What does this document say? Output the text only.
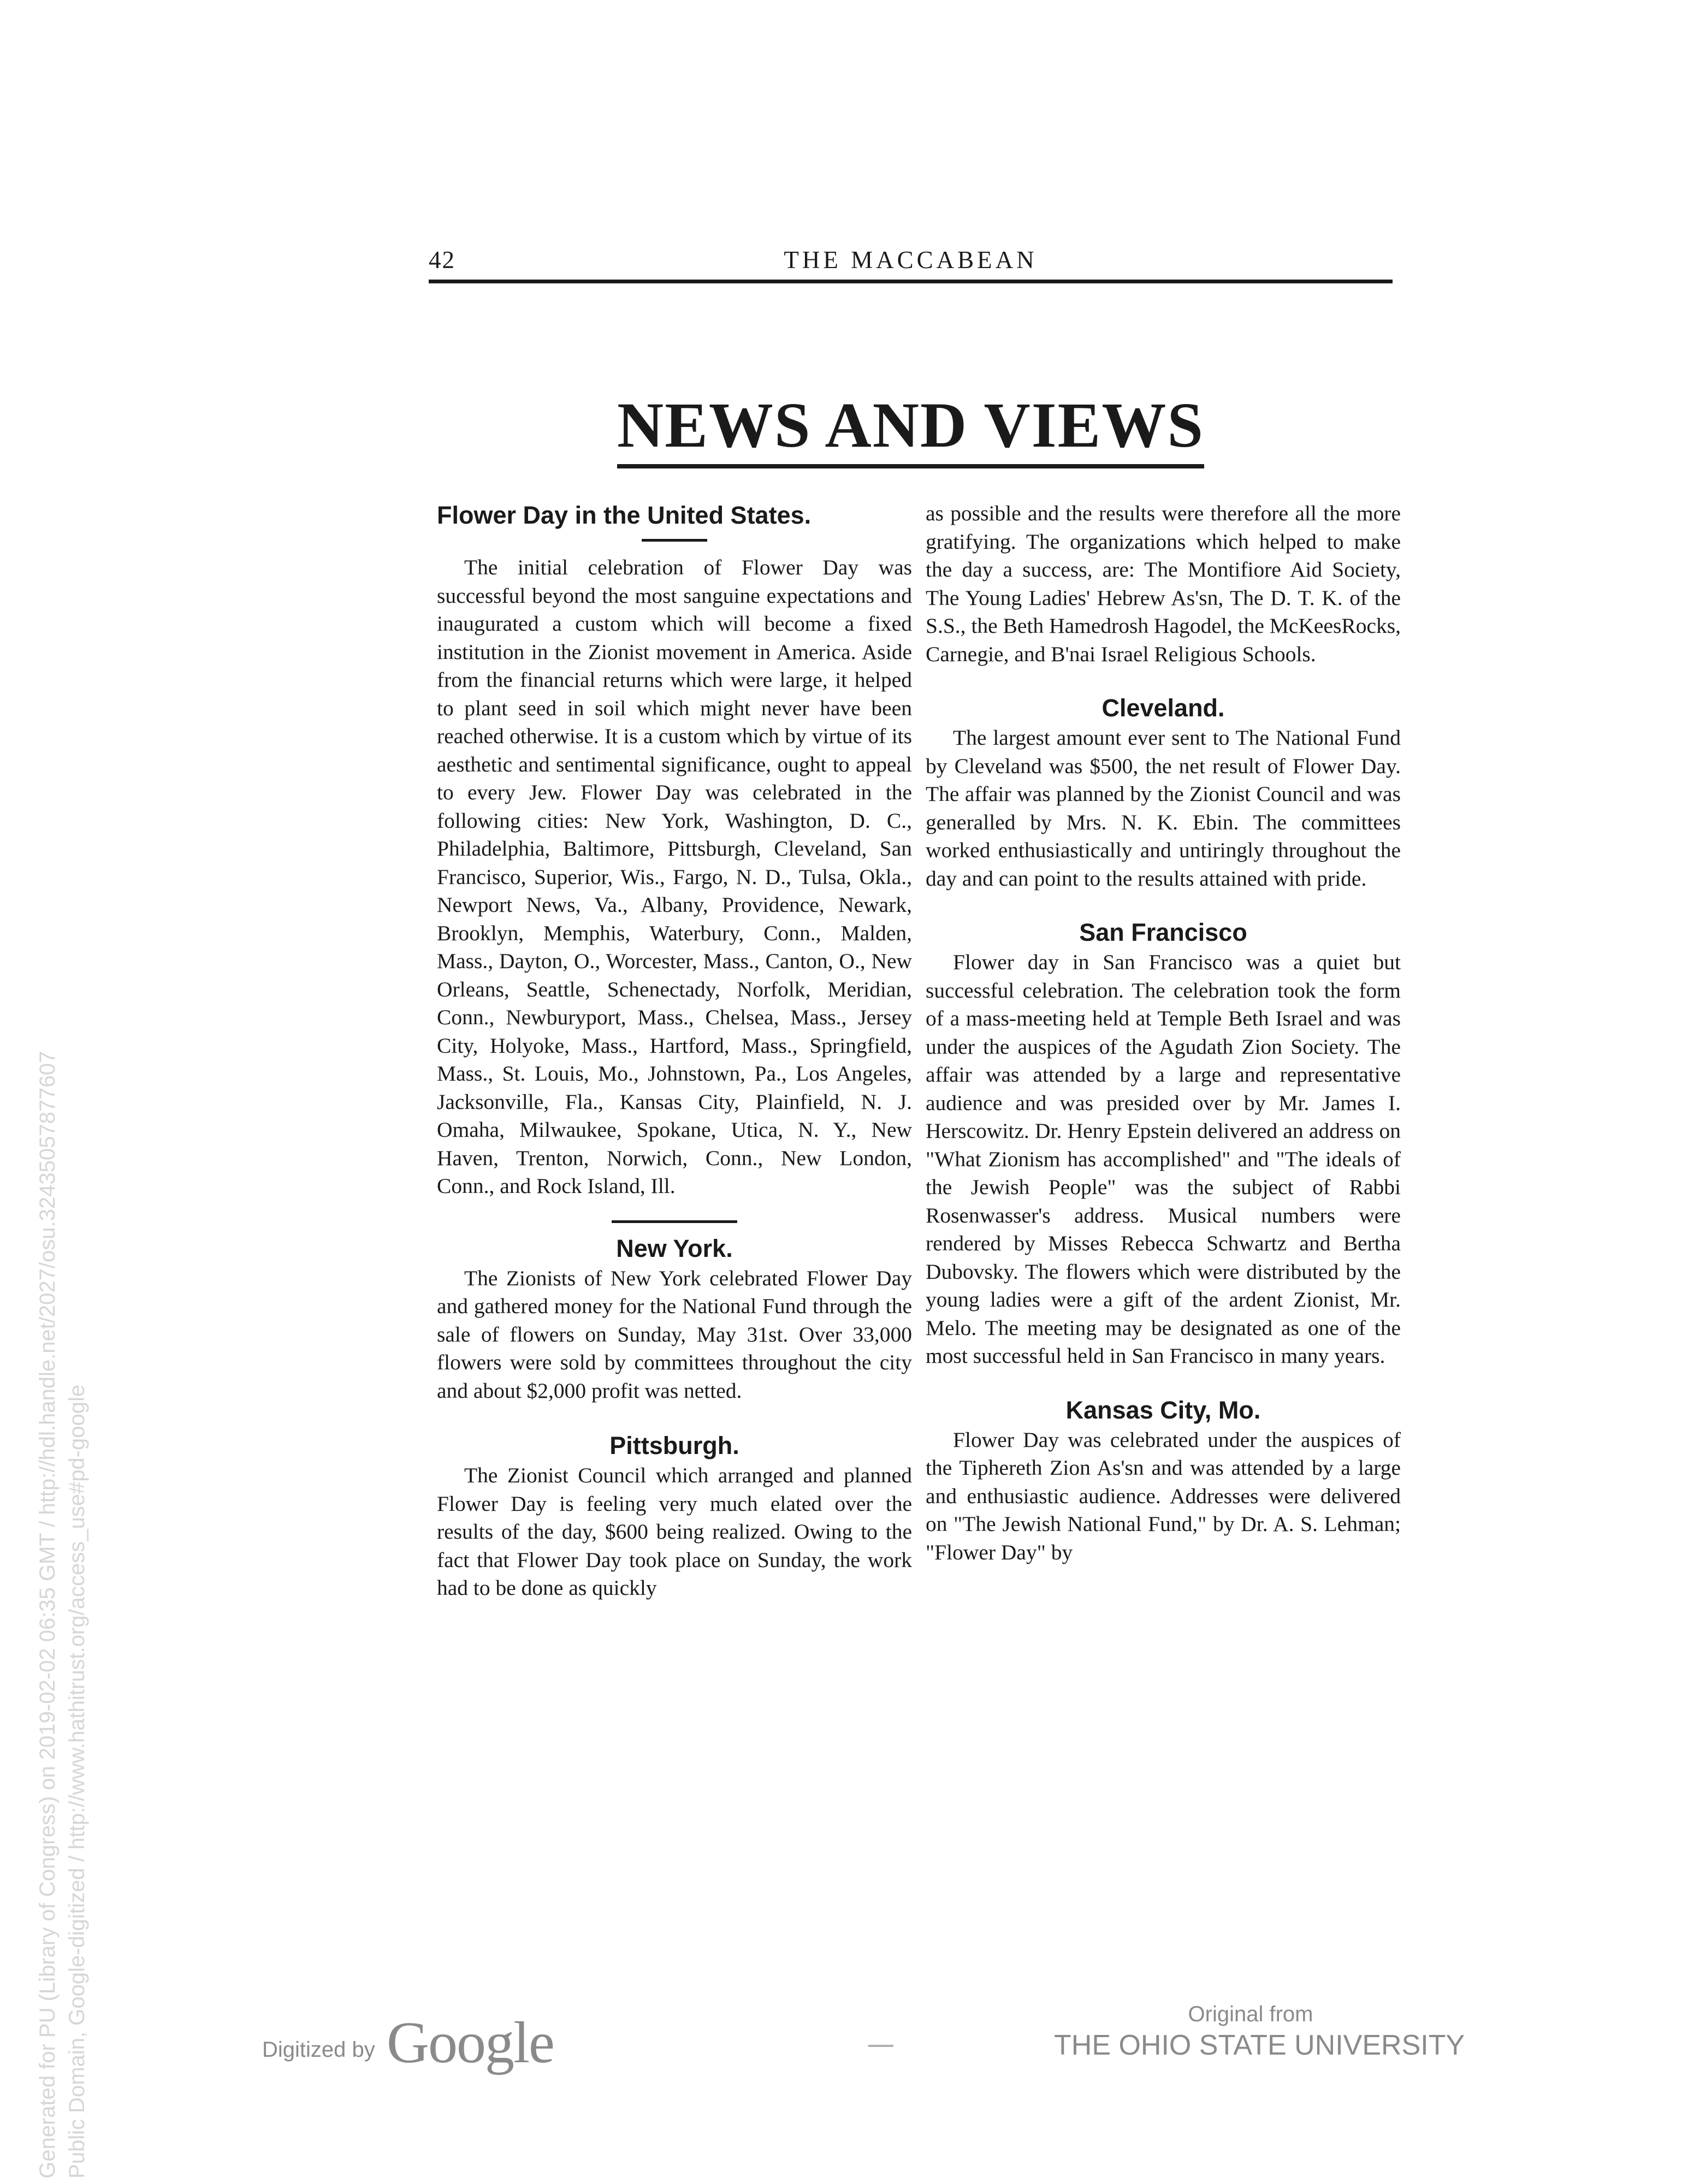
42	THE MACCABEAN
NEWS AND VIEWS
Flower Day in the United States.

The initial celebration of Flower Day was successful beyond the most sanguine expectations and inaugurated a custom which will become a fixed institution in the Zionist movement in America. Aside from the financial returns which were large, it helped to plant seed in soil which might never have been reached otherwise. It is a custom which by virtue of its aesthetic and sentimental significance, ought to appeal to every Jew. Flower Day was celebrated in the following cities: New York, Washington, D. C., Philadelphia, Baltimore, Pittsburgh, Cleveland, San Francisco, Superior, Wis., Fargo, N. D., Tulsa, Okla., Newport News, Va., Albany, Providence, Newark, Brooklyn, Memphis, Waterbury, Conn., Malden, Mass., Dayton, O., Worcester, Mass., Canton, O., New Orleans, Seattle, Schenectady, Norfolk, Meridian, Conn., Newburyport, Mass., Chelsea, Mass., Jersey City, Holyoke, Mass., Hartford, Mass., Springfield, Mass., St. Louis, Mo., Johnstown, Pa., Los Angeles, Jacksonville, Fla., Kansas City, Plainfield, N. J. Omaha, Milwaukee, Spokane, Utica, N. Y., New Haven, Trenton, Norwich, Conn., New London, Conn., and Rock Island, Ill.

New York.

The Zionists of New York celebrated Flower Day and gathered money for the National Fund through the sale of flowers on Sunday, May 31st. Over 33,000 flowers were sold by committees throughout the city and about $2,000 profit was netted.

Pittsburgh.

The Zionist Council which arranged and planned Flower Day is feeling very much elated over the results of the day, $600 being realized. Owing to the fact that Flower Day took place on Sunday, the work had to be done as quickly

as possible and the results were therefore all the more gratifying. The organizations which helped to make the day a success, are: The Montifiore Aid Society, The Young Ladies' Hebrew As'sn, The D. T. K. of the S.S., the Beth Hamedrosh Hagodel, the McKeesRocks, Carnegie, and B'nai Israel Religious Schools.

Cleveland.

The largest amount ever sent to The National Fund by Cleveland was $500, the net result of Flower Day. The affair was planned by the Zionist Council and was generalled by Mrs. N. K. Ebin. The committees worked enthusiastically and untiringly throughout the day and can point to the results attained with pride.

San Francisco

Flower day in San Francisco was a quiet but successful celebration. The celebration took the form of a mass-meeting held at Temple Beth Israel and was under the auspices of the Agudath Zion Society. The affair was attended by a large and representative audience and was presided over by Mr. James I. Herscowitz. Dr. Henry Epstein delivered an address on "What Zionism has accomplished" and "The ideals of the Jewish People" was the subject of Rabbi Rosenwasser's address. Musical numbers were rendered by Misses Rebecca Schwartz and Bertha Dubovsky. The flowers which were distributed by the young ladies were a gift of the ardent Zionist, Mr. Melo. The meeting may be designated as one of the most successful held in San Francisco in many years.

Kansas City, Mo.

Flower Day was celebrated under the auspices of the Tiphereth Zion As'sn and was attended by a large and enthusiastic audience. Addresses were delivered on "The Jewish National Fund," by Dr. A. S. Lehman; "Flower Day" by

Digitized by Google	Original from
THE OHIO STATE UNIVERSITY
Generated for PU (Library of Congress) on 2019-02-02 06:35 GMT / http://hdl.handle.net/2027/osu.32435057877607 Public Domain, Google-digitized / http://www.hathitrust.org/access_use#pd-google
